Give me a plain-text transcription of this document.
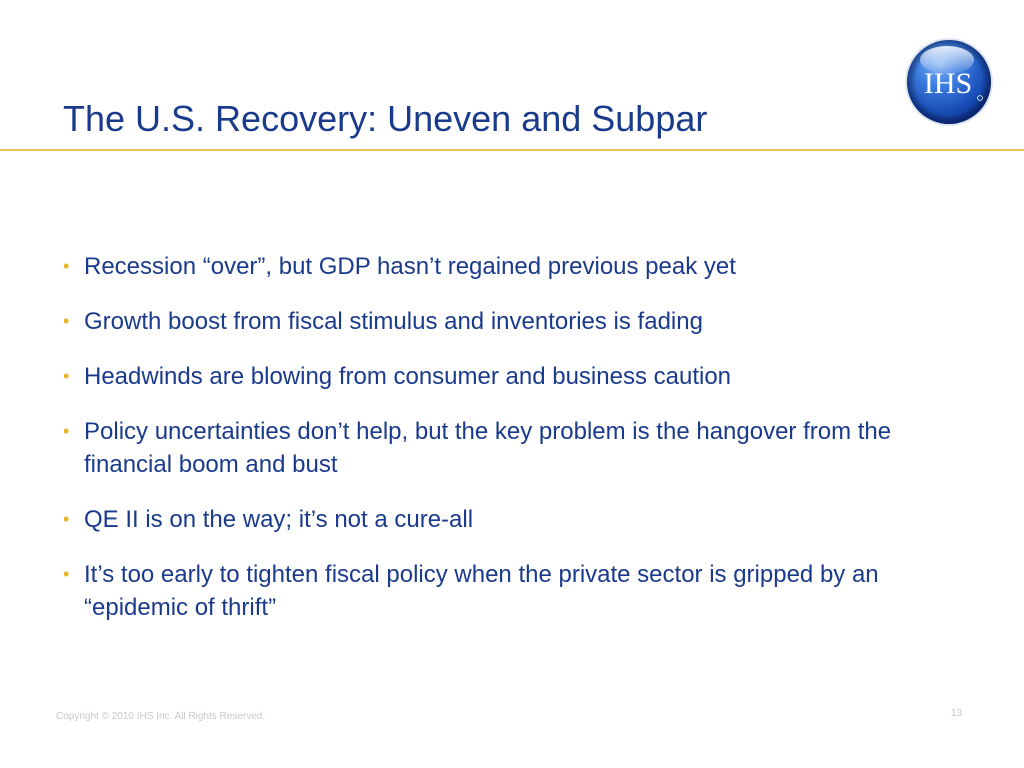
IHS
The U.S. Recovery: Uneven and Subpar
• Recession “over”, but GDP hasn’t regained previous peak yet
• Growth boost from fiscal stimulus and inventories is fading
• Headwinds are blowing from consumer and business caution
• Policy uncertainties don’t help, but the key problem is the hangover from the financial boom and bust
• QE II is on the way; it’s not a cure-all
• It’s too early to tighten fiscal policy when the private sector is gripped by an “epidemic of thrift”
Copyright © 2010 IHS Inc. All Rights Reserved.	13
